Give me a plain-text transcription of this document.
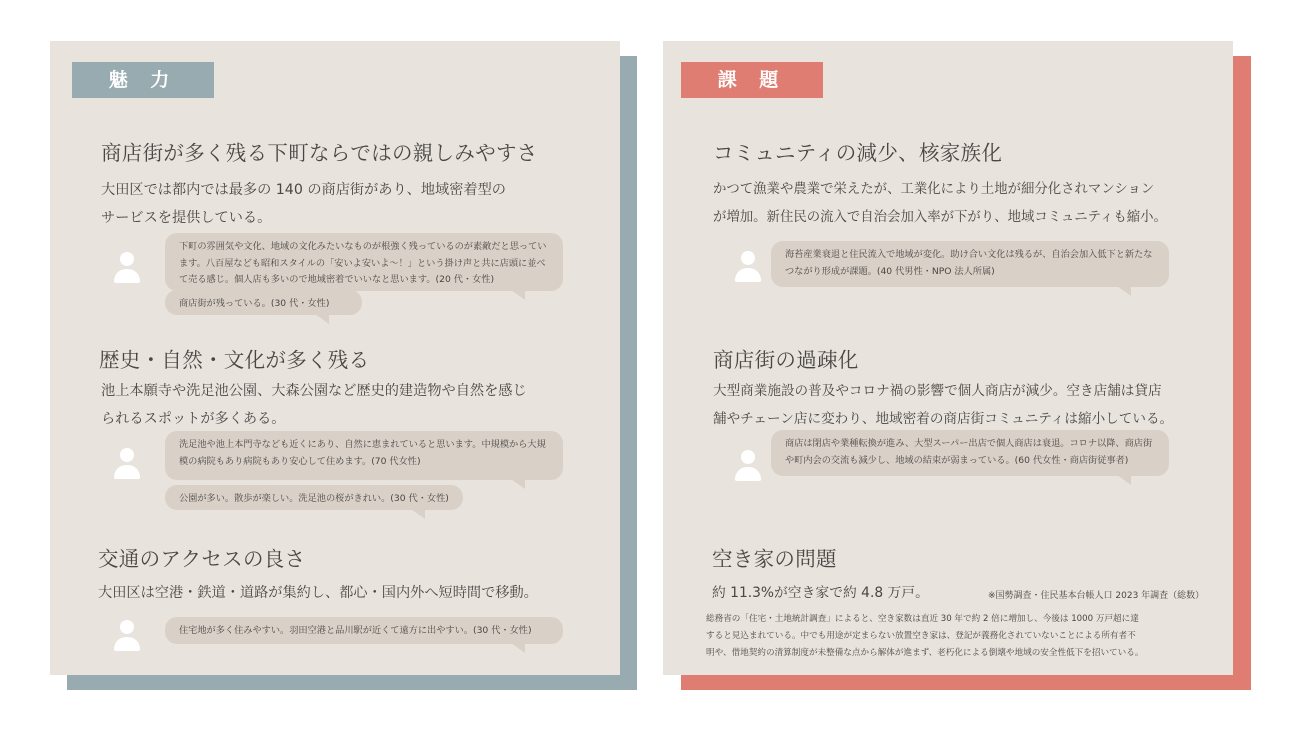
魅 力
商店街が多く残る下町ならではの親しみやすさ
大田区では都内では最多の 140 の商店街があり、地域密着型の
サービスを提供している。
下町の雰囲気や文化、地域の文化みたいなものが根強く残っているのが素敵だと思ってい
ます。八百屋なども昭和スタイルの「安いよ安いよ～！」という掛け声と共に店頭に並べ
て売る感じ。個人店も多いので地域密着でいいなと思います。(20 代・女性)
商店街が残っている。(30 代・女性)
歴史・自然・文化が多く残る
池上本願寺や洗足池公園、大森公園など歴史的建造物や自然を感じ
られるスポットが多くある。
洗足池や池上本門寺なども近くにあり、自然に恵まれていると思います。中規模から大規
模の病院もあり病院もあり安心して住めます。(70 代女性)
公園が多い。散歩が楽しい。洗足池の桜がきれい。(30 代・女性)
交通のアクセスの良さ
大田区は空港・鉄道・道路が集約し、都心・国内外へ短時間で移動。
住宅地が多く住みやすい。羽田空港と品川駅が近くて遠方に出やすい。(30 代・女性)
課 題
コミュニティの減少、核家族化
かつて漁業や農業で栄えたが、工業化により土地が細分化されマンション
が増加。新住民の流入で自治会加入率が下がり、地域コミュニティも縮小。
海苔産業衰退と住民流入で地域が変化。助け合い文化は残るが、自治会加入低下と新たな
つながり形成が課題。(40 代男性・NPO 法人所属)
商店街の過疎化
大型商業施設の普及やコロナ禍の影響で個人商店が減少。空き店舗は貸店
舗やチェーン店に変わり、地域密着の商店街コミュニティは縮小している。
商店は閉店や業種転換が進み、大型スーパー出店で個人商店は衰退。コロナ以降、商店街
や町内会の交流も減少し、地域の結束が弱まっている。(60 代女性・商店街従事者)
空き家の問題
約 11.3%が空き家で約 4.8 万戸。	※国勢調査・住民基本台帳人口 2023 年調査（総数）
総務省の「住宅・土地統計調査」によると、空き家数は直近 30 年で約 2 倍に増加し、今後は 1000 万戸超に達
すると見込まれている。中でも用途が定まらない放置空き家は、登記が義務化されていないことによる所有者不
明や、借地契約の清算制度が未整備な点から解体が進まず、老朽化による倒壊や地域の安全性低下を招いている。
